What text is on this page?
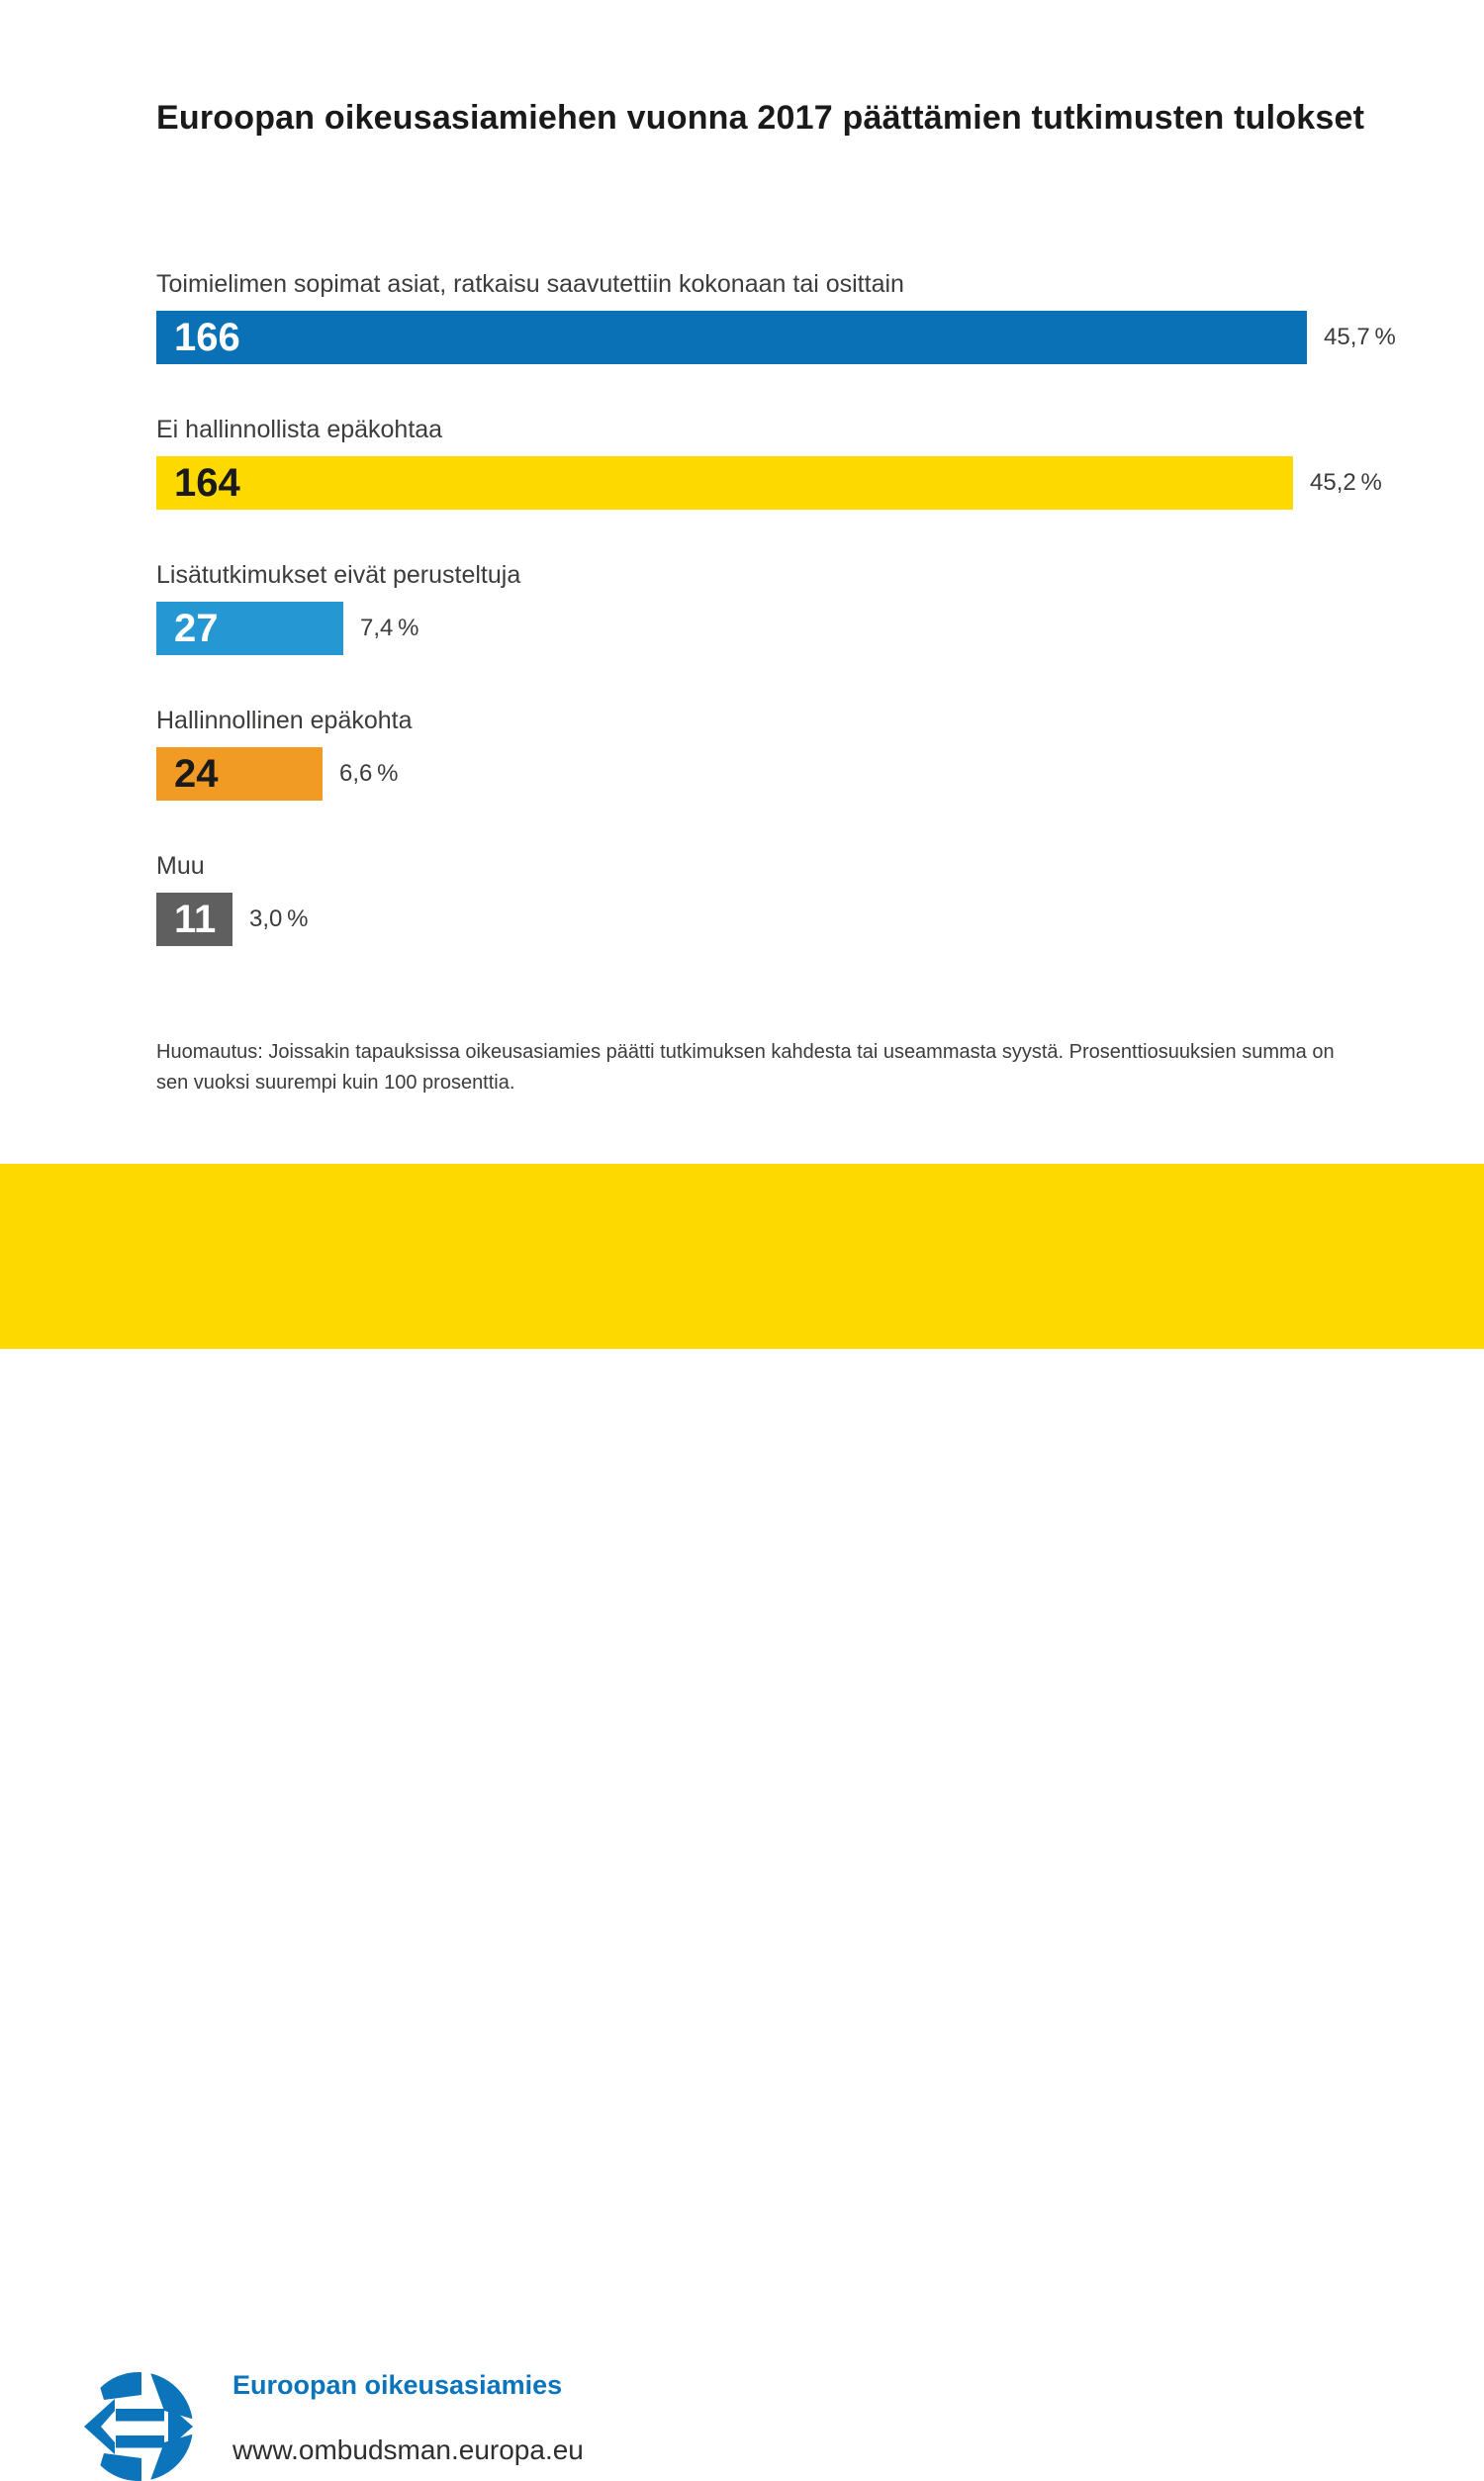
Euroopan oikeusasiamiehen vuonna 2017 päättämien tutkimusten tulokset
Toimielimen sopimat asiat, ratkaisu saavutettiin kokonaan tai osittain
166	45,7 %
Ei hallinnollista epäkohtaa
164	45,2 %
Lisätutkimukset eivät perusteltuja
27	7,4 %
Hallinnollinen epäkohta
24	6,6 %
Muu
11 3,0 %

Huomautus: Joissakin tapauksissa oikeusasiamies päätti tutkimuksen kahdesta tai useammasta syystä. Prosenttiosuuksien summa on sen vuoksi suurempi kuin 100 prosenttia.

Euroopan oikeusasiamies
www.ombudsman.europa.eu
